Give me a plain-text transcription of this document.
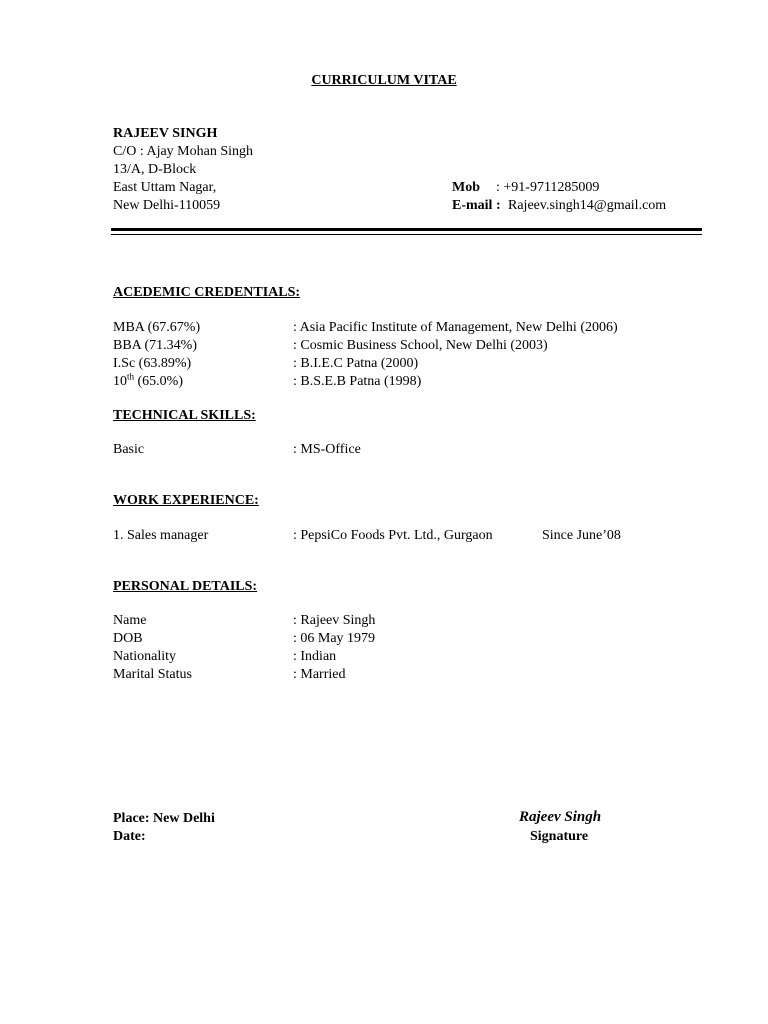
CURRICULUM VITAE
RAJEEV SINGH
C/O : Ajay Mohan Singh
13/A, D-Block
East Uttam Nagar,
New Delhi-110059
Mob : +91-9711285009
E-mail : Rajeev.singh14@gmail.com
ACEDEMIC CREDENTIALS:
MBA (67.67%)	: Asia Pacific Institute of Management, New Delhi (2006)
BBA (71.34%)	: Cosmic Business School, New Delhi (2003)
I.Sc (63.89%)	: B.I.E.C Patna (2000)
10th (65.0%)	: B.S.E.B Patna (1998)
TECHNICAL SKILLS:
Basic	: MS-Office
WORK EXPERIENCE:
1. Sales manager	: PepsiCo Foods Pvt. Ltd., Gurgaon	Since June’08
PERSONAL DETAILS:
Name	: Rajeev Singh
DOB	: 06 May 1979
Nationality	: Indian
Marital Status	: Married
Place: New Delhi
Date:
Rajeev Singh
Signature
